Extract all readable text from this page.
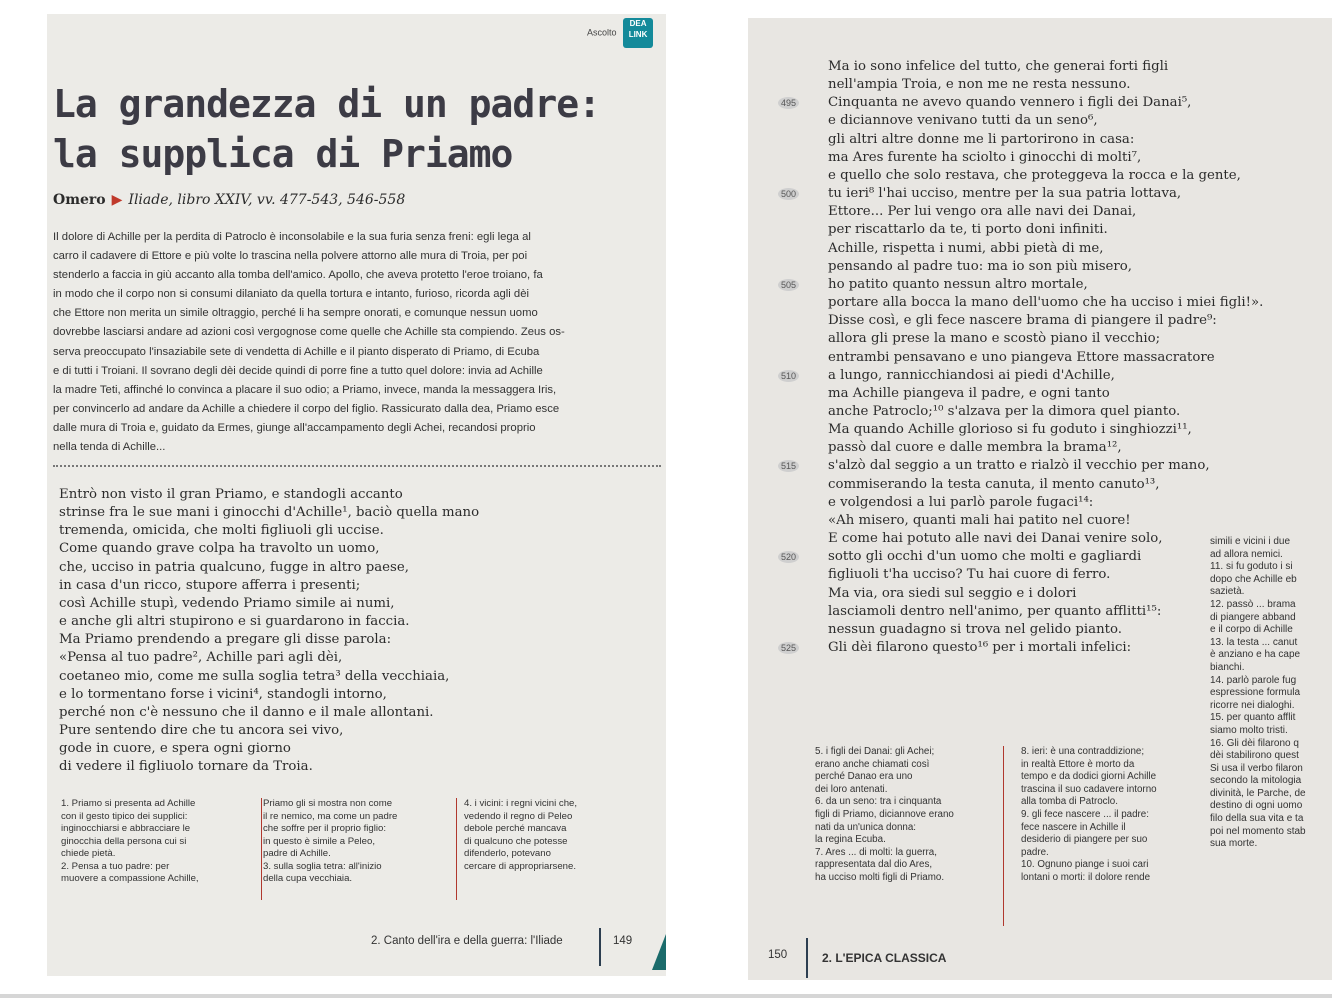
Ascolto DEA LINK
La grandezza di un padre:
la supplica di Priamo
Omero ▶ Iliade, libro XXIV, vv. 477-543, 546-558
Il dolore di Achille per la perdita di Patroclo è inconsolabile e la sua furia senza freni: egli lega al
carro il cadavere di Ettore e più volte lo trascina nella polvere attorno alle mura di Troia, per poi
stenderlo a faccia in giù accanto alla tomba dell'amico. Apollo, che aveva protetto l'eroe troiano, fa
in modo che il corpo non si consumi dilaniato da quella tortura e intanto, furioso, ricorda agli dèi
che Ettore non merita un simile oltraggio, perché li ha sempre onorati, e comunque nessun uomo
dovrebbe lasciarsi andare ad azioni così vergognose come quelle che Achille sta compiendo. Zeus os-
serva preoccupato l'insaziabile sete di vendetta di Achille e il pianto disperato di Priamo, di Ecuba
e di tutti i Troiani. Il sovrano degli dèi decide quindi di porre fine a tutto quel dolore: invia ad Achille
la madre Teti, affinché lo convinca a placare il suo odio; a Priamo, invece, manda la messaggera Iris,
per convincerlo ad andare da Achille a chiedere il corpo del figlio. Rassicurato dalla dea, Priamo esce
dalle mura di Troia e, guidato da Ermes, giunge all'accampamento degli Achei, recandosi proprio
nella tenda di Achille...
Entrò non visto il gran Priamo, e standogli accanto
strinse fra le sue mani i ginocchi d'Achille¹, baciò quella mano
tremenda, omicida, che molti figliuoli gli uccise.
Come quando grave colpa ha travolto un uomo,
che, ucciso in patria qualcuno, fugge in altro paese,
in casa d'un ricco, stupore afferra i presenti;
così Achille stupì, vedendo Priamo simile ai numi,
e anche gli altri stupirono e si guardarono in faccia.
Ma Priamo prendendo a pregare gli disse parola:
«Pensa al tuo padre², Achille pari agli dèi,
coetaneo mio, come me sulla soglia tetra³ della vecchiaia,
e lo tormentano forse i vicini⁴, standogli intorno,
perché non c'è nessuno che il danno e il male allontani.
Pure sentendo dire che tu ancora sei vivo,
gode in cuore, e spera ogni giorno
di vedere il figliuolo tornare da Troia.
1. Priamo si presenta ad Achille
con il gesto tipico dei supplici:
inginocchiarsi e abbracciare le
ginocchia della persona cui si
chiede pietà.
2. Pensa a tuo padre: per
muovere a compassione Achille,
Priamo gli si mostra non come
il re nemico, ma come un padre
che soffre per il proprio figlio:
in questo è simile a Peleo,
padre di Achille.
3. sulla soglia tetra: all'inizio
della cupa vecchiaia.
4. i vicini: i regni vicini che,
vedendo il regno di Peleo
debole perché mancava
di qualcuno che potesse
difenderlo, potevano
cercare di appropriarsene.
2. Canto dell'ira e della guerra: l'Iliade	149
Ma io sono infelice del tutto, che generai forti figli
nell'ampia Troia, e non me ne resta nessuno.
Cinquanta ne avevo quando vennero i figli dei Danai⁵,
e diciannove venivano tutti da un seno⁶,
gli altri altre donne me li partorirono in casa:
ma Ares furente ha sciolto i ginocchi di molti⁷,
e quello che solo restava, che proteggeva la rocca e la gente,
tu ieri⁸ l'hai ucciso, mentre per la sua patria lottava,
Ettore... Per lui vengo ora alle navi dei Danai,
per riscattarlo da te, ti porto doni infiniti.
Achille, rispetta i numi, abbi pietà di me,
pensando al padre tuo: ma io son più misero,
ho patito quanto nessun altro mortale,
portare alla bocca la mano dell'uomo che ha ucciso i miei figli!».
Disse così, e gli fece nascere brama di piangere il padre⁹:
allora gli prese la mano e scostò piano il vecchio;
entrambi pensavano e uno piangeva Ettore massacratore
a lungo, rannicchiandosi ai piedi d'Achille,
ma Achille piangeva il padre, e ogni tanto
anche Patroclo;¹⁰ s'alzava per la dimora quel pianto.
Ma quando Achille glorioso si fu goduto i singhiozzi¹¹,
passò dal cuore e dalle membra la brama¹²,
s'alzò dal seggio a un tratto e rialzò il vecchio per mano,
commiserando la testa canuta, il mento canuto¹³,
e volgendosi a lui parlò parole fugaci¹⁴:
«Ah misero, quanti mali hai patito nel cuore!
E come hai potuto alle navi dei Danai venire solo,
sotto gli occhi d'un uomo che molti e gagliardi
figliuoli t'ha ucciso? Tu hai cuore di ferro.
Ma via, ora siedi sul seggio e i dolori
lasciamoli dentro nell'animo, per quanto afflitti¹⁵:
nessun guadagno si trova nel gelido pianto.
Gli dèi filarono questo¹⁶ per i mortali infelici:
495
500
505
510
515
520
525
simili e vicini i due
ad allora nemici.
11. si fu goduto i si
dopo che Achille eb
sazietà.
12. passò ... brama
di piangere abband
e il corpo di Achille
13. la testa ... canut
è anziano e ha cape
bianchi.
14. parlò parole fug
espressione formula
ricorre nei dialoghi.
15. per quanto afflit
siamo molto tristi.
16. Gli dèi filarono q
dèi stabilirono quest
Si usa il verbo filaron
secondo la mitologia
divinità, le Parche, de
destino di ogni uomo
filo della sua vita e ta
poi nel momento stab
sua morte.
5. i figli dei Danai: gli Achei;
erano anche chiamati così
perché Danao era uno
dei loro antenati.
6. da un seno: tra i cinquanta
figli di Priamo, diciannove erano
nati da un'unica donna:
la regina Ecuba.
7. Ares ... di molti: la guerra,
rappresentata dal dio Ares,
ha ucciso molti figli di Priamo.
8. ieri: è una contraddizione;
in realtà Ettore è morto da
tempo e da dodici giorni Achille
trascina il suo cadavere intorno
alla tomba di Patroclo.
9. gli fece nascere ... il padre:
fece nascere in Achille il
desiderio di piangere per suo
padre.
10. Ognuno piange i suoi cari
lontani o morti: il dolore rende
150	2. L'EPICA CLASSICA
